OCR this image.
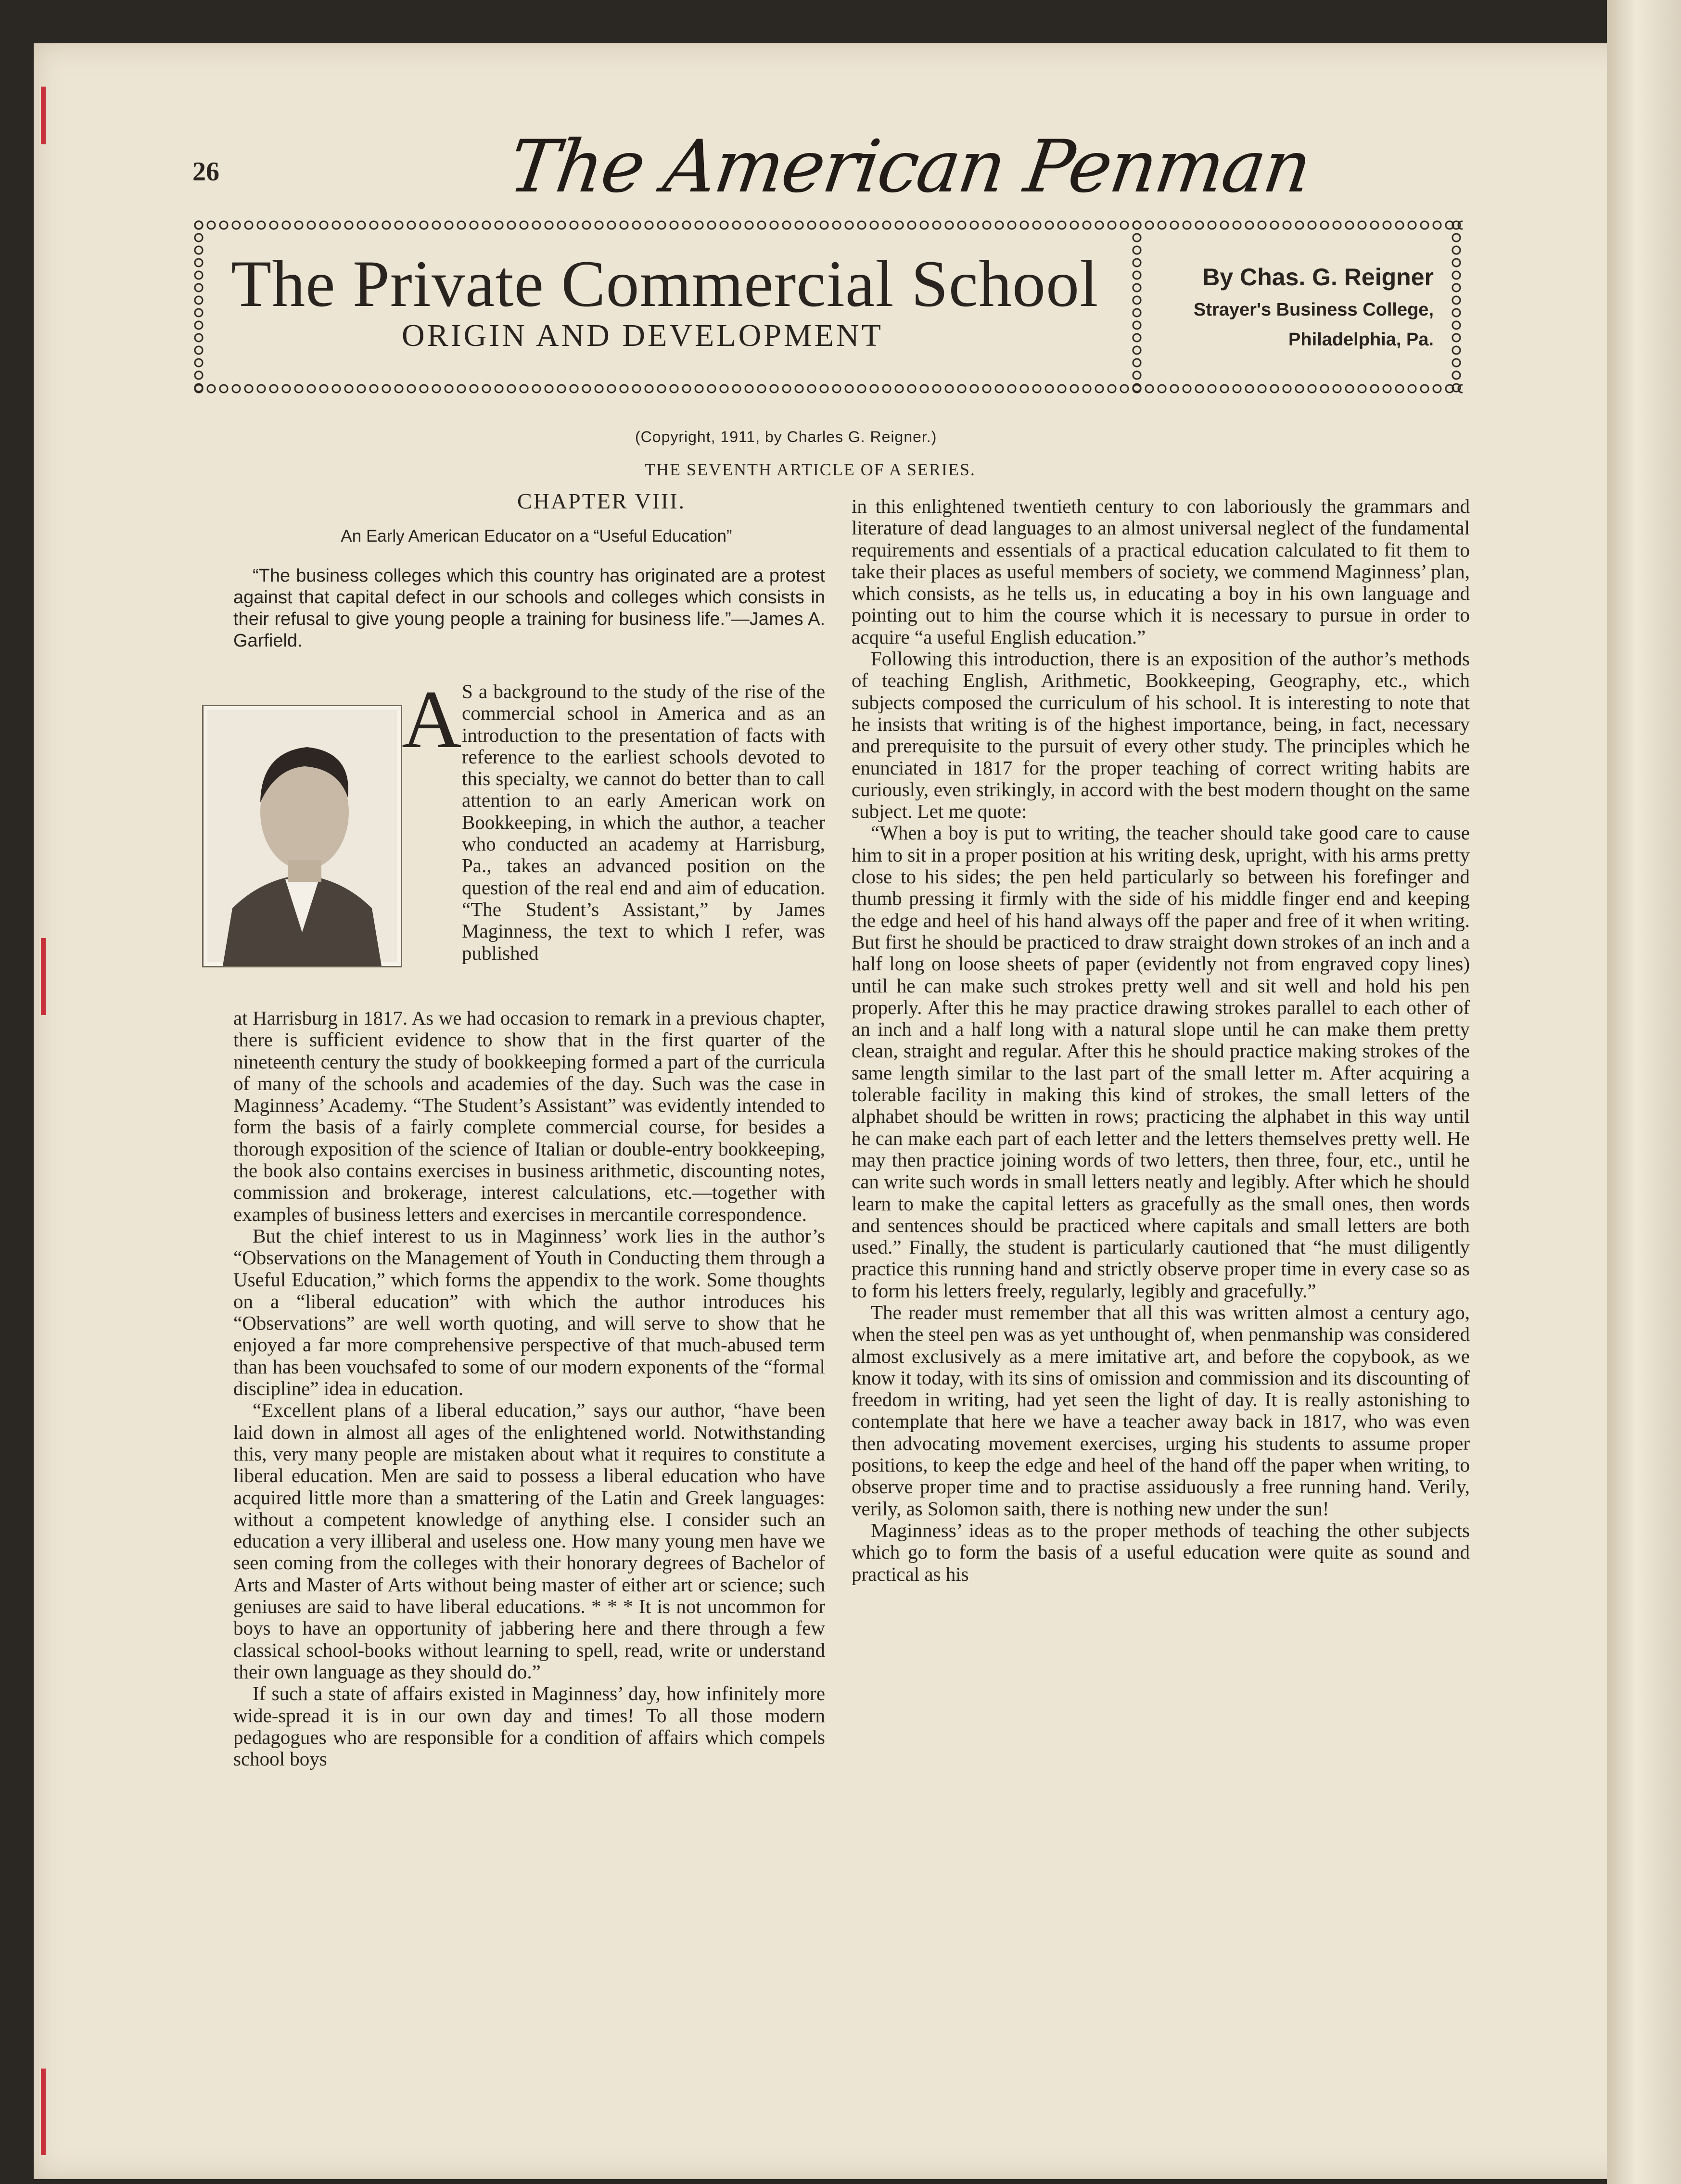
26	The American Penman
The Private Commercial School
ORIGIN AND DEVELOPMENT
By Chas. G. Reigner
Strayer's Business College,
Philadelphia, Pa.
(Copyright, 1911, by Charles G. Reigner.)
THE SEVENTH ARTICLE OF A SERIES.
CHAPTER VIII.
An Early American Educator on a “Useful Education”

“The business colleges which this country has originated are a protest against that capital defect in our schools and colleges which consists in their refusal to give young people a training for business life.”—James A. Garfield.

A S a background to the study of the rise of the commercial school in America and as an introduction to the presentation of facts with reference to the earliest schools devoted to this specialty, we cannot do better than to call attention to an early American work on Bookkeeping, in which the author, a teacher who conducted an academy at Harrisburg, Pa., takes an advanced position on the question of the real end and aim of education. “The Student’s Assistant,” by James Maginness, the text to which I refer, was published

at Harrisburg in 1817. As we had occasion to remark in a previous chapter, there is sufficient evidence to show that in the first quarter of the nineteenth century the study of bookkeeping formed a part of the curricula of many of the schools and academies of the day. Such was the case in Maginness’ Academy. “The Student’s Assistant” was evidently intended to form the basis of a fairly complete commercial course, for besides a thorough exposition of the science of Italian or double-entry bookkeeping, the book also contains exercises in business arithmetic, discounting notes, commission and brokerage, interest calculations, etc.—together with examples of business letters and exercises in mercantile correspondence.

But the chief interest to us in Maginness’ work lies in the author’s “Observations on the Management of Youth in Conducting them through a Useful Education,” which forms the appendix to the work. Some thoughts on a “liberal education” with which the author introduces his “Observations” are well worth quoting, and will serve to show that he enjoyed a far more comprehensive perspective of that much-abused term than has been vouchsafed to some of our modern exponents of the “formal discipline” idea in education.

“Excellent plans of a liberal education,” says our author, “have been laid down in almost all ages of the enlightened world. Notwithstanding this, very many people are mistaken about what it requires to constitute a liberal education. Men are said to possess a liberal education who have acquired little more than a smattering of the Latin and Greek languages: without a competent knowledge of anything else. I consider such an education a very illiberal and useless one. How many young men have we seen coming from the colleges with their honorary degrees of Bachelor of Arts and Master of Arts without being master of either art or science; such geniuses are said to have liberal educations. * * * It is not uncommon for boys to have an opportunity of jabbering here and there through a few classical school-books without learning to spell, read, write or understand their own language as they should do.”

If such a state of affairs existed in Maginness’ day, how infinitely more wide-spread it is in our own day and times! To all those modern pedagogues who are responsible for a condition of affairs which compels school boys

in this enlightened twentieth century to con laboriously the grammars and literature of dead languages to an almost universal neglect of the fundamental requirements and essentials of a practical education calculated to fit them to take their places as useful members of society, we commend Maginness’ plan, which consists, as he tells us, in educating a boy in his own language and pointing out to him the course which it is necessary to pursue in order to acquire “a useful English education.”

Following this introduction, there is an exposition of the author’s methods of teaching English, Arithmetic, Bookkeeping, Geography, etc., which subjects composed the curriculum of his school. It is interesting to note that he insists that writing is of the highest importance, being, in fact, necessary and prerequisite to the pursuit of every other study. The principles which he enunciated in 1817 for the proper teaching of correct writing habits are curiously, even strikingly, in accord with the best modern thought on the same subject. Let me quote:

“When a boy is put to writing, the teacher should take good care to cause him to sit in a proper position at his writing desk, upright, with his arms pretty close to his sides; the pen held particularly so between his forefinger and thumb pressing it firmly with the side of his middle finger end and keeping the edge and heel of his hand always off the paper and free of it when writing. But first he should be practiced to draw straight down strokes of an inch and a half long on loose sheets of paper (evidently not from engraved copy lines) until he can make such strokes pretty well and sit well and hold his pen properly. After this he may practice drawing strokes parallel to each other of an inch and a half long with a natural slope until he can make them pretty clean, straight and regular. After this he should practice making strokes of the same length similar to the last part of the small letter m. After acquiring a tolerable facility in making this kind of strokes, the small letters of the alphabet should be written in rows; practicing the alphabet in this way until he can make each part of each letter and the letters themselves pretty well. He may then practice joining words of two letters, then three, four, etc., until he can write such words in small letters neatly and legibly. After which he should learn to make the capital letters as gracefully as the small ones, then words and sentences should be practiced where capitals and small letters are both used.” Finally, the student is particularly cautioned that “he must diligently practice this running hand and strictly observe proper time in every case so as to form his letters freely, regularly, legibly and gracefully.”

The reader must remember that all this was written almost a century ago, when the steel pen was as yet unthought of, when penmanship was considered almost exclusively as a mere imitative art, and before the copybook, as we know it today, with its sins of omission and commission and its discounting of freedom in writing, had yet seen the light of day. It is really astonishing to contemplate that here we have a teacher away back in 1817, who was even then advocating movement exercises, urging his students to assume proper positions, to keep the edge and heel of the hand off the paper when writing, to observe proper time and to practise assiduously a free running hand. Verily, verily, as Solomon saith, there is nothing new under the sun!

Maginness’ ideas as to the proper methods of teaching the other subjects which go to form the basis of a useful education were quite as sound and practical as his
